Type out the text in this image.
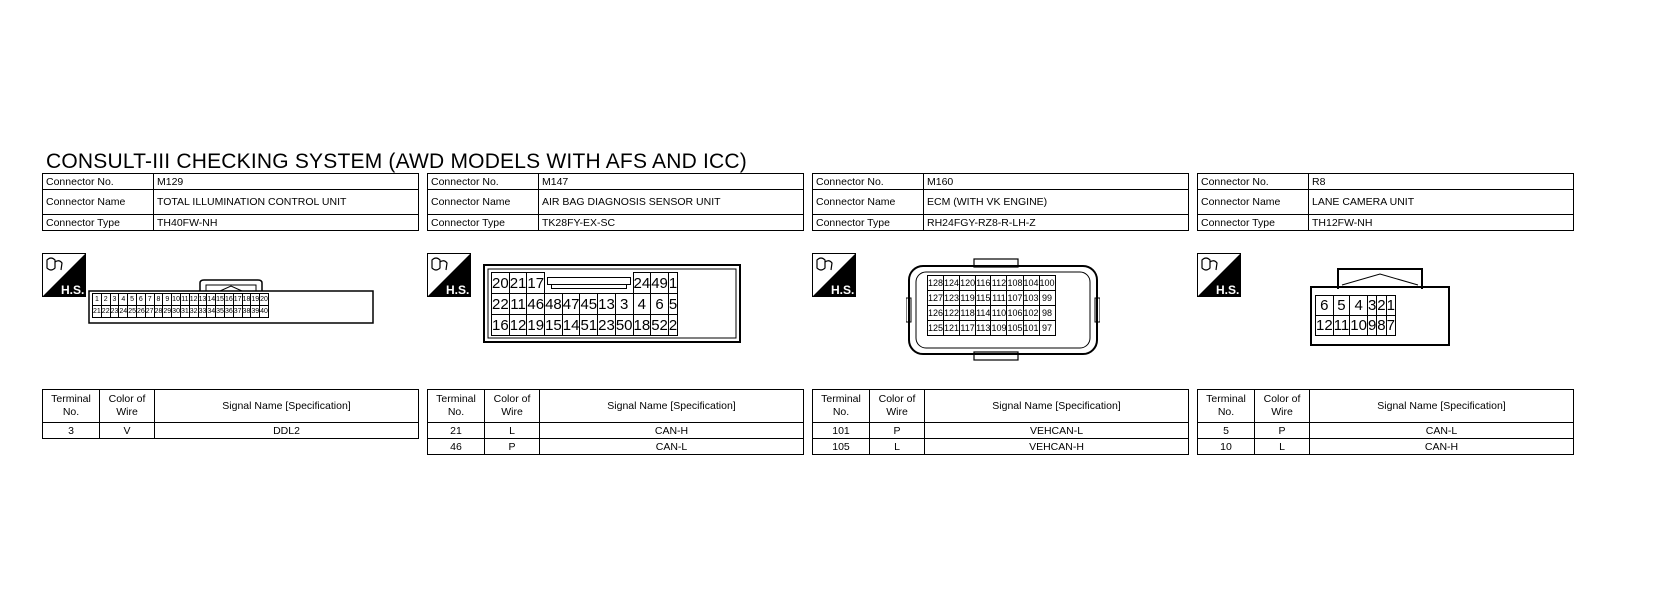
CONSULT-III CHECKING SYSTEM (AWD MODELS WITH AFS AND ICC)
Connector No.	M129
Connector Name	TOTAL ILLUMINATION CONTROL UNIT
Connector Type	TH40FW-NH
H.S.
1	2	3	4	5	6	7	8	9	10	11	12	13	14	15	16	17	18	19	20
21	22	23	24	25	26	27	28	29	30	31	32	33	34	35	36	37	38	39	40
Terminal No.	Color of Wire	Signal Name [Specification]
3	V	DDL2
Connector No.	M147
Connector Name	AIR BAG DIAGNOSIS SENSOR UNIT
Connector Type	TK28FY-EX-SC
H.S. 20	21	17						24	49	1
22	11	46	48	47	45	13	3	4	6	5
16	12	19	15	14	51	23	50	18	52	2
Terminal No.	Color of Wire	Signal Name [Specification]
21	L	CAN-H
46	P	CAN-L
Connector No.	M160
Connector Name	ECM (WITH VK ENGINE)
Connector Type	RH24FGY-RZ8-R-LH-Z
H.S.	128	124	120	116	112	108	104	100
127	123	119	115	111	107	103	99
126	122	118	114	110	106	102	98
125	121	117	113	109	105	101	97
Terminal No.	Color of Wire	Signal Name [Specification]
101	P	VEHCAN-L
105	L	VEHCAN-H
Connector No.	R8
Connector Name	LANE CAMERA UNIT
Connector Type	TH12FW-NH
H.S.
6	5	4	3	2	1
12	11	10	9	8	7
Terminal No.	Color of Wire	Signal Name [Specification]
5	P	CAN-L
10	L	CAN-H
